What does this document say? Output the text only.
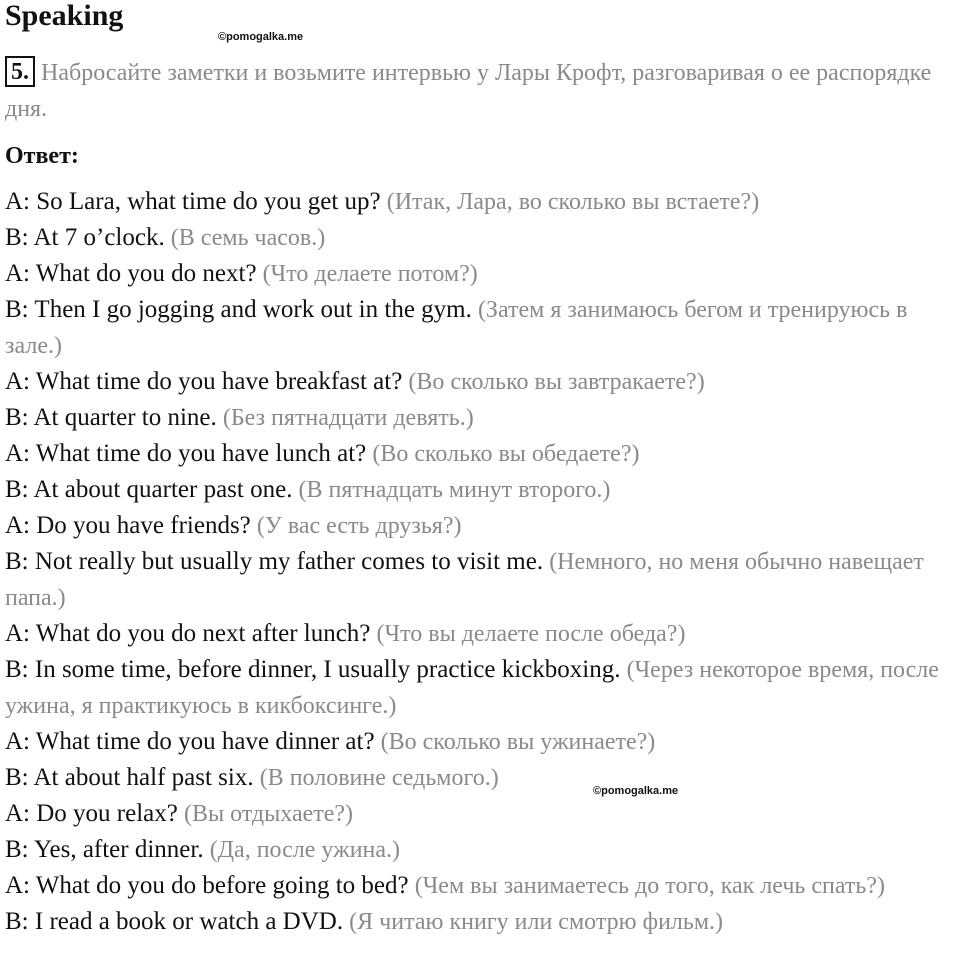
Speaking
©pomogalka.me

5. Набросайте заметки и возьмите интервью у Лары Крофт, разговаривая о ее распорядке дня.

Ответ:

A: So Lara, what time do you get up? (Итак, Лара, во сколько вы встаете?)
B: At 7 o’clock. (В семь часов.)
A: What do you do next? (Что делаете потом?)
B: Then I go jogging and work out in the gym. (Затем я занимаюсь бегом и тренируюсь в зале.)
A: What time do you have breakfast at? (Во сколько вы завтракаете?)
B: At quarter to nine. (Без пятнадцати девять.)
A: What time do you have lunch at? (Во сколько вы обедаете?)
B: At about quarter past one. (В пятнадцать минут второго.)
A: Do you have friends? (У вас есть друзья?)
B: Not really but usually my father comes to visit me. (Немного, но меня обычно навещает папа.)
A: What do you do next after lunch? (Что вы делаете после обеда?)
B: In some time, before dinner, I usually practice kickboxing. (Через некоторое время, после ужина, я практикуюсь в кикбоксинге.)
A: What time do you have dinner at? (Во сколько вы ужинаете?)
B: At about half past six. (В половине седьмого.)
A: Do you relax? (Вы отдыхаете?)
B: Yes, after dinner. (Да, после ужина.)
A: What do you do before going to bed? (Чем вы занимаетесь до того, как лечь спать?)
B: I read a book or watch a DVD. (Я читаю книгу или смотрю фильм.)
©pomogalka.me
